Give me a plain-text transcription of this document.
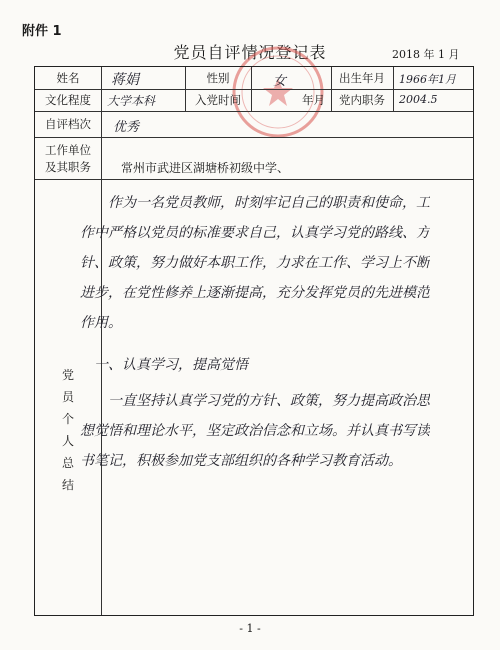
附件 1
党员自评情况登记表	2018 年 1 月
姓名	蒋娟	性别	女	出生年月	1966年1月
文化程度	大学本科	入党时间	年月	党内职务	2004.5
自评档次	优秀
工作单位
及其职务	常州市武进区湖塘桥初级中学、
党
员
个
人
总
结

作为一名党员教师，时刻牢记自己的职责和使命，工作中严格以党员的标准要求自己，认真学习党的路线、方针、政策，努力做好本职工作，力求在工作、学习上不断进步，在党性修养上逐渐提高，充分发挥党员的先进模范作用。

一、认真学习，提高觉悟

一直坚持认真学习党的方针、政策，努力提高政治思想觉悟和理论水平，坚定政治信念和立场。并认真书写读书笔记，积极参加党支部组织的各种学习教育活动。

- 1 -
